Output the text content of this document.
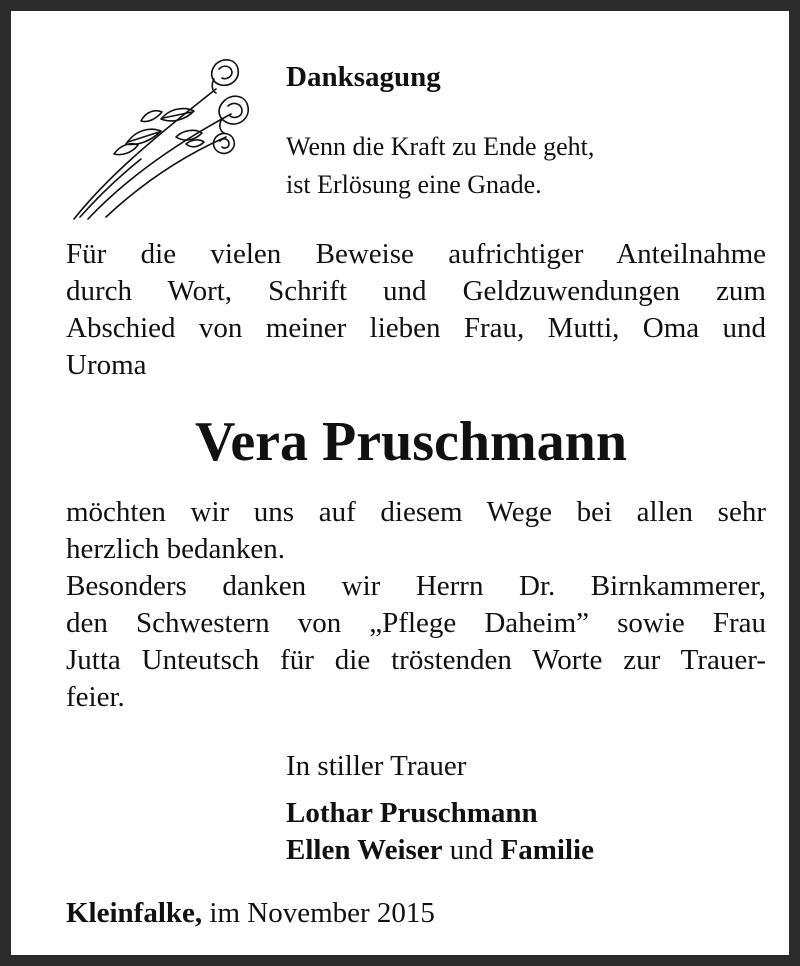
Danksagung

Wenn die Kraft zu Ende geht,
ist Erlösung eine Gnade.

Für die vielen Beweise aufrichtiger Anteilnahme
durch Wort, Schrift und Geldzuwendungen zum
Abschied von meiner lieben Frau, Mutti, Oma und
Uroma

Vera Pruschmann

möchten wir uns auf diesem Wege bei allen sehr
herzlich bedanken.
Besonders danken wir Herrn Dr. Birnkammerer,
den Schwestern von „Pflege Daheim” sowie Frau
Jutta Unteutsch für die tröstenden Worte zur Trauer-
feier.

In stiller Trauer

Lothar Pruschmann

Ellen Weiser und Familie

Kleinfalke, im November 2015
